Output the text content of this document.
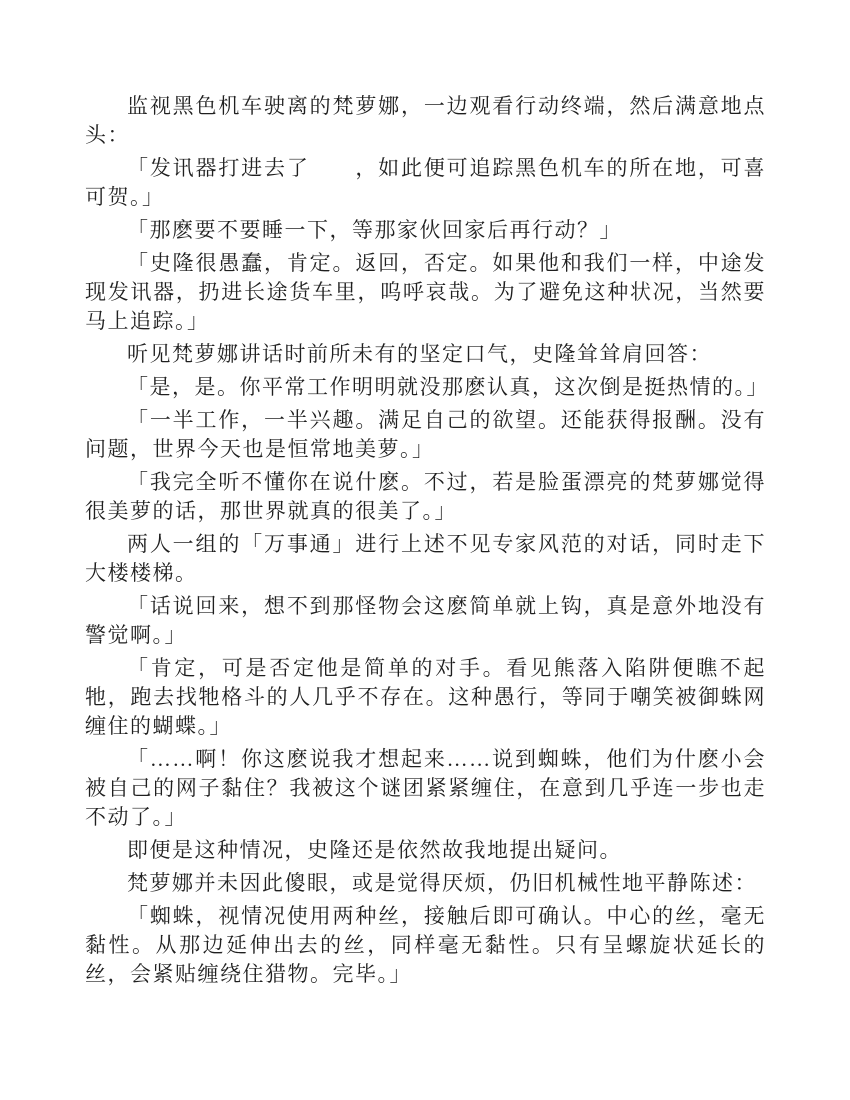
监视黑色机车驶离的梵萝娜，一边观看行动终端，然后满意地点头：

「发讯器打进去了　　，如此便可追踪黑色机车的所在地，可喜可贺。」

「那麽要不要睡一下，等那家伙回家后再行动？」

「史隆很愚蠢，肯定。返回，否定。如果他和我们一样，中途发现发讯器，扔进长途货车里，呜呼哀哉。为了避免这种状况，当然要马上追踪。」

听见梵萝娜讲话时前所未有的坚定口气，史隆耸耸肩回答：

「是，是。你平常工作明明就没那麽认真，这次倒是挺热情的。」

「一半工作，一半兴趣。满足自己的欲望。还能获得报酬。没有问题，世界今天也是恒常地美萝。」

「我完全听不懂你在说什麽。不过，若是脸蛋漂亮的梵萝娜觉得很美萝的话，那世界就真的很美了。」

两人一组的「万事通」进行上述不见专家风范的对话，同时走下大楼楼梯。

「话说回来，想不到那怪物会这麽简单就上钩，真是意外地没有警觉啊。」

「肯定，可是否定他是简单的对手。看见熊落入陷阱便瞧不起牠，跑去找牠格斗的人几乎不存在。这种愚行，等同于嘲笑被御蛛网缠住的蝴蝶。」

「……啊！你这麽说我才想起来……说到蜘蛛，他们为什麽小会被自己的网子黏住？我被这个谜团紧紧缠住，在意到几乎连一步也走不动了。」

即便是这种情况，史隆还是依然故我地提出疑问。

梵萝娜并未因此傻眼，或是觉得厌烦，仍旧机械性地平静陈述：

「蜘蛛，视情况使用两种丝，接触后即可确认。中心的丝，毫无黏性。从那边延伸出去的丝，同样毫无黏性。只有呈螺旋状延长的丝，会紧贴缠绕住猎物。完毕。」
